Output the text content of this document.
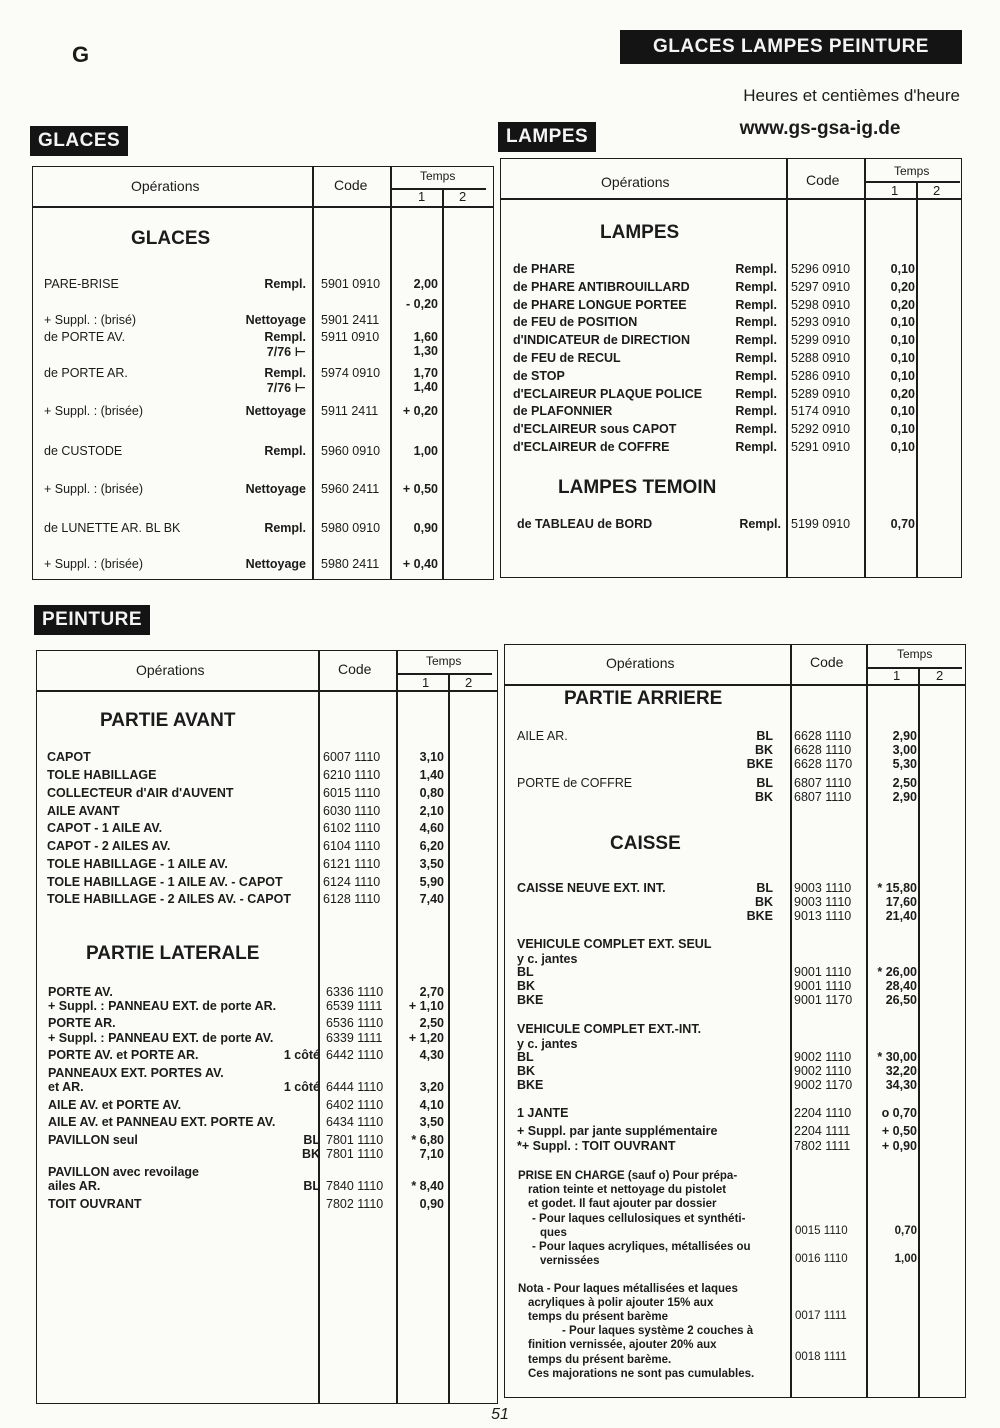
G	GLACES LAMPES PEINTURE
Heures et centièmes d'heure
www.gs-gsa-ig.de
GLACES	LAMPES
PEINTURE
Opérations	Code
Temps
1	2
GLACES
PARE-BRISE	Rempl. 5901 0910	2,00
- 0,20
+ Suppl. : (brisé)	Nettoyage 5901 2411
de PORTE AV.	Rempl. 5911 0910	1,60
7/76 ⊢	1,30
de PORTE AR.	Rempl. 5974 0910	1,70
7/76 ⊢	1,40
+ Suppl. : (brisée)	Nettoyage 5911 2411 + 0,20
de CUSTODE	Rempl. 5960 0910	1,00
+ Suppl. : (brisée)	Nettoyage 5960 2411 + 0,50
de LUNETTE AR. BL BK	Rempl. 5980 0910	0,90
+ Suppl. : (brisée)	Nettoyage 5980 2411 + 0,40
Opérations	Code
Temps
1	2
LAMPES
de PHARE	Rempl. 5296 0910	0,10
de PHARE ANTIBROUILLARD	Rempl. 5297 0910	0,20
de PHARE LONGUE PORTEE	Rempl. 5298 0910	0,20
de FEU de POSITION	Rempl. 5293 0910	0,10
d'INDICATEUR de DIRECTION	Rempl. 5299 0910	0,10
de FEU de RECUL	Rempl. 5288 0910	0,10
de STOP	Rempl. 5286 0910	0,10
d'ECLAIREUR PLAQUE POLICE	Rempl. 5289 0910	0,20
de PLAFONNIER	Rempl. 5174 0910	0,10
d'ECLAIREUR sous CAPOT	Rempl. 5292 0910	0,10
d'ECLAIREUR de COFFRE	Rempl. 5291 0910	0,10
LAMPES TEMOIN
de TABLEAU de BORD	Rempl. 5199 0910	0,70
Opérations	Code	Temps
1	2
PARTIE AVANT
CAPOT	6007 1110	3,10
TOLE HABILLAGE	6210 1110	1,40
COLLECTEUR d'AIR d'AUVENT	6015 1110	0,80
AILE AVANT	6030 1110	2,10
CAPOT - 1 AILE AV.	6102 1110	4,60
CAPOT - 2 AILES AV.	6104 1110	6,20
TOLE HABILLAGE - 1 AILE AV.	6121 1110	3,50
TOLE HABILLAGE - 1 AILE AV. - CAPOT	6124 1110	5,90
TOLE HABILLAGE - 2 AILES AV. - CAPOT	6128 1110	7,40
PARTIE LATERALE
PORTE AV.	6336 1110	2,70
+ Suppl. : PANNEAU EXT. de porte AR.	6539 1111 + 1,10
PORTE AR.	6536 1110	2,50
+ Suppl. : PANNEAU EXT. de porte AV.	6339 1111 + 1,20
PORTE AV. et PORTE AR.	1 côté 6442 1110	4,30
PANNEAUX EXT. PORTES AV.
et AR.	1 côté 6444 1110	3,20
AILE AV. et PORTE AV.	6402 1110	4,10
AILE AV. et PANNEAU EXT. PORTE AV.	6434 1110	3,50
PAVILLON seul	BL 7801 1110 * 6,80
BK 7801 1110	7,10
PAVILLON avec revoilage
ailes AR.	BL 7840 1110 * 8,40
TOIT OUVRANT	7802 1110	0,90
Opérations	Code	Temps
1	2
PARTIE ARRIERE
AILE AR.	BL 6628 1110	2,90
BK 6628 1110	3,00
BKE 6628 1170	5,30
PORTE de COFFRE	BL 6807 1110	2,50
BK 6807 1110	2,90
CAISSE
CAISSE NEUVE EXT. INT.	BL 9003 1110 * 15,80
BK 9003 1110	17,60
BKE 9013 1110	21,40
VEHICULE COMPLET EXT. SEUL
y c. jantes
BL	9001 1110 * 26,00
BK	9001 1110	28,40
BKE	9001 1170	26,50
VEHICULE COMPLET EXT.-INT.
y c. jantes
BL	9002 1110 * 30,00
BK	9002 1110	32,20
BKE	9002 1170	34,30
1 JANTE	2204 1110 o 0,70
+ Suppl. par jante supplémentaire	2204 1111	+ 0,50
*+ Suppl. : TOIT OUVRANT	7802 1111	+ 0,90
PRISE EN CHARGE (sauf o) Pour prépa-
ration teinte et nettoyage du pistolet
et godet. Il faut ajouter par dossier
- Pour laques cellulosiques et synthéti-
ques
- Pour laques acryliques, métallisées ou
vernissées
0015 1110	0,70
0016 1110	1,00
Nota - Pour laques métallisées et laques
acryliques à polir ajouter 15% aux
temps du présent barème
- Pour laques système 2 couches à
finition vernissée, ajouter 20% aux
temps du présent barème.
Ces majorations ne sont pas cumulables.
0017 1111
0018 1111
51
